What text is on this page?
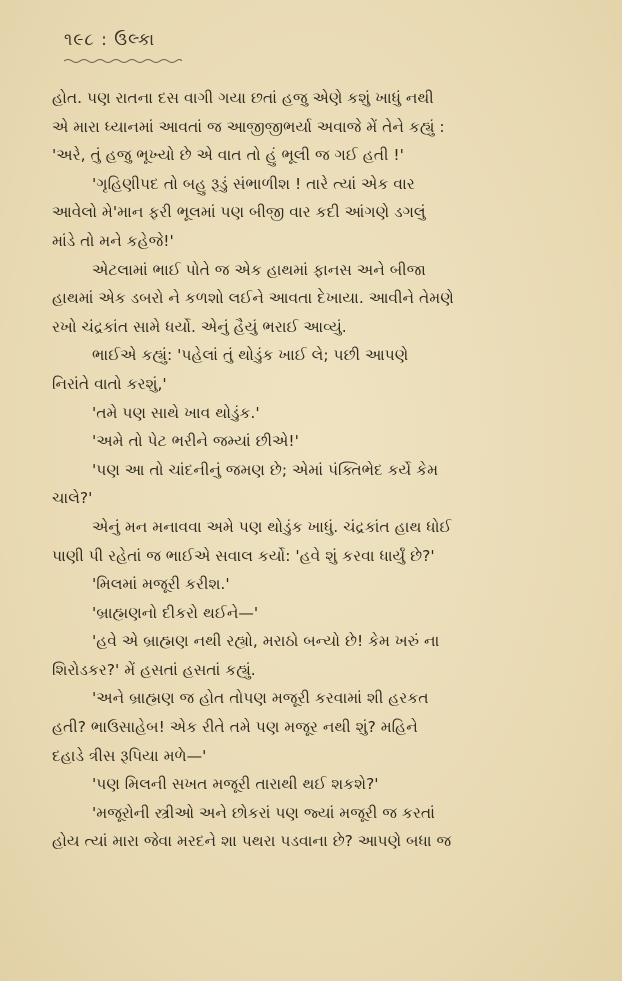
૧૯૮ : ઉલ્કા
હોત. પણ રાતના દસ વાગી ગયા છતાં હજુ એણે કશું ખાધું નથી
એ મારા ધ્યાનમાં આવતાં જ આજીજીભર્યા અવાજે મેં તેને કહ્યું :
'અરે, તું હજુ ભૂખ્યો છે એ વાત તો હું ભૂલી જ ગઈ હતી !'
'ગૃહિણીપદ તો બહુ રૂડું સંભાળીશ ! તારે ત્યાં એક વાર
આવેલો મે'માન ફરી ભૂલમાં પણ બીજી વાર કદી આંગણે ડગલું
માંડે તો મને કહેજે!'
એટલામાં ભાઈ પોતે જ એક હાથમાં ફાનસ અને બીજા
હાથમાં એક ડબરો ને કળશો લઈને આવતા દેખાયા. આવીને તેમણે
રખો ચંદ્રકાંત સામે ધર્યો. એનું હૈયું ભરાઈ આવ્યું.
ભાઈએ કહ્યું: 'પહેલાં તું થોડુંક ખાઈ લે; પછી આપણે
નિરાંતે વાતો કરશું,'
'તમે પણ સાથે ખાવ થોડુંક.'
'અમે તો પેટ ભરીને જમ્યાં છીએ!'
'પણ આ તો ચાંદનીનું જમણ છે; એમાં પંક્તિભેદ કર્યે કેમ
ચાલે?'
એનું મન મનાવવા અમે પણ થોડુંક ખાધું. ચંદ્રકાંત હાથ ધોઈ
પાણી પી રહેતાં જ ભાઈએ સવાલ કર્યો: 'હવે શું કરવા ધાર્યું છે?'
'મિલમાં મજૂરી કરીશ.'
'બ્રાહ્મણનો દીકરો થઈને—'
'હવે એ બ્રાહ્મણ નથી રહ્યો, મરાઠો બન્યો છે! કેમ ખરું ના
શિરોડકર?' મેં હસતાં હસતાં કહ્યું.
'અને બ્રાહ્મણ જ હોત તોપણ મજૂરી કરવામાં શી હરકત
હતી? ભાઉસાહેબ! એક રીતે તમે પણ મજૂર નથી શું? મહિને
દહાડે ત્રીસ રૂપિયા મળે—'
'પણ મિલની સખત મજૂરી તારાથી થઈ શકશે?'
'મજૂરોની સ્ત્રીઓ અને છોકરાં પણ જ્યાં મજૂરી જ કરતાં
હોય ત્યાં મારા જેવા મરદને શા પથરા પડવાના છે? આપણે બધા જ
